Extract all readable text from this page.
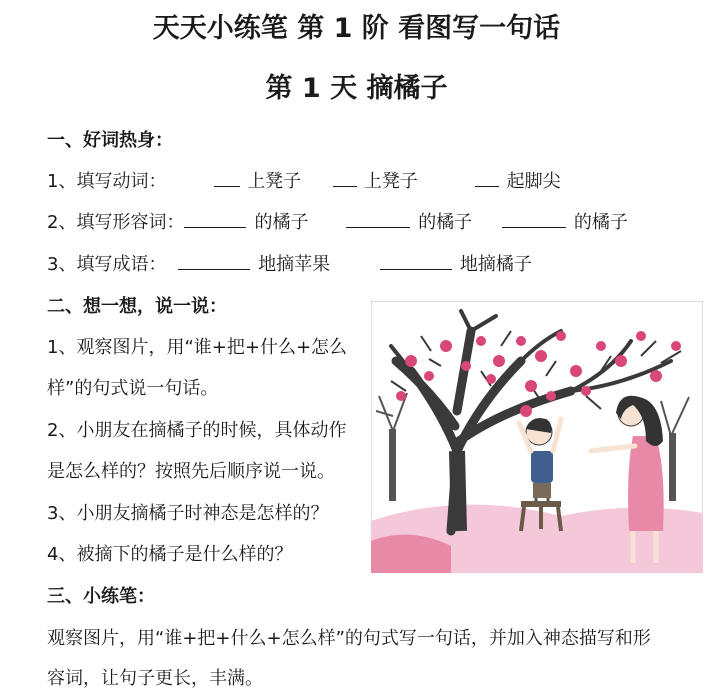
天天小练笔 第 1 阶 看图写一句话
第 1 天 摘橘子
一、好词热身：
1、填写动词：	上凳子	上凳子	起脚尖
2、填写形容词：	的橘子	的橘子	的橘子
3、填写成语：	地摘苹果	地摘橘子
二、想一想，说一说：
1、观察图片，用“谁+把+什么+怎么
样”的句式说一句话。
2、小朋友在摘橘子的时候，具体动作
是怎么样的？按照先后顺序说一说。
3、小朋友摘橘子时神态是怎样的？
4、被摘下的橘子是什么样的？
三、小练笔：
观察图片，用“谁+把+什么+怎么样”的句式写一句话，并加入神态描写和形
容词，让句子更长，丰满。
